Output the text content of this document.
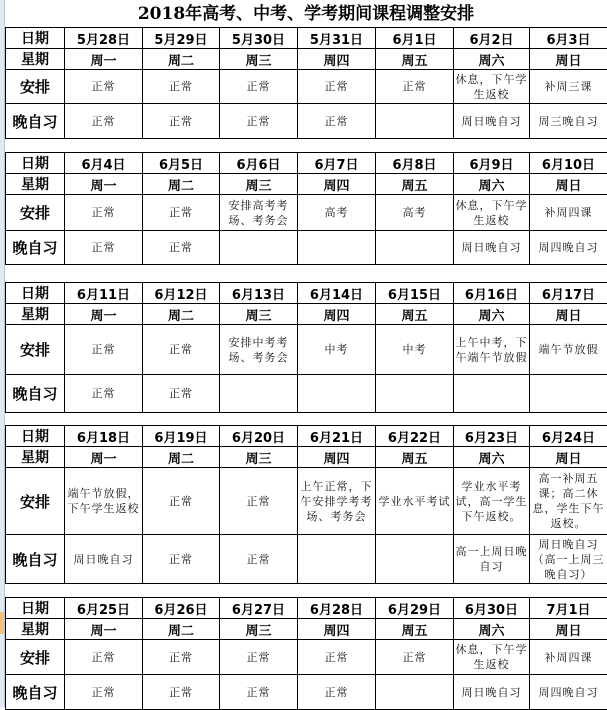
2018年高考、中考、学考期间课程调整安排
日期	5月28日	5月29日	5月30日	5月31日	6月1日	6月2日	6月3日
星期	周一	周二	周三	周四	周五	周六	周日
安排	正常	正常	正常	正常	正常	休息，下午学生返校	补周三课
晚自习	正常	正常	正常	正常		周日晚自习	周三晚自习
日期	6月4日	6月5日	6月6日	6月7日	6月8日	6月9日	6月10日
星期	周一	周二	周三	周四	周五	周六	周日
安排	正常	正常	安排高考考场、考务会	高考	高考	休息，下午学生返校	补周四课
晚自习	正常	正常				周日晚自习	周四晚自习
日期	6月11日	6月12日	6月13日	6月14日	6月15日	6月16日	6月17日
星期	周一	周二	周三	周四	周五	周六	周日
安排	正常	正常	安排中考考场、考务会	中考	中考	上午中考，下午端午节放假	端午节放假
晚自习	正常	正常					
日期	6月18日	6月19日	6月20日	6月21日	6月22日	6月23日	6月24日
星期	周一	周二	周三	周四	周五	周六	周日
安排	端午节放假，下午学生返校	正常	正常	上午正常，下午安排学考考场、考务会	学业水平考试	学业水平考试，高一学生下午返校。	高一补周五课；高二休息，学生下午返校。
晚自习	周日晚自习	正常	正常			高一上周日晚自习	周日晚自习（高一上周三晚自习）
日期	6月25日	6月26日	6月27日	6月28日	6月29日	6月30日	7月1日
星期	周一	周二	周三	周四	周五	周六	周日
安排	正常	正常	正常	正常	正常	休息，下午学生返校	补周四课
晚自习	正常	正常	正常	正常		周日晚自习	周四晚自习
